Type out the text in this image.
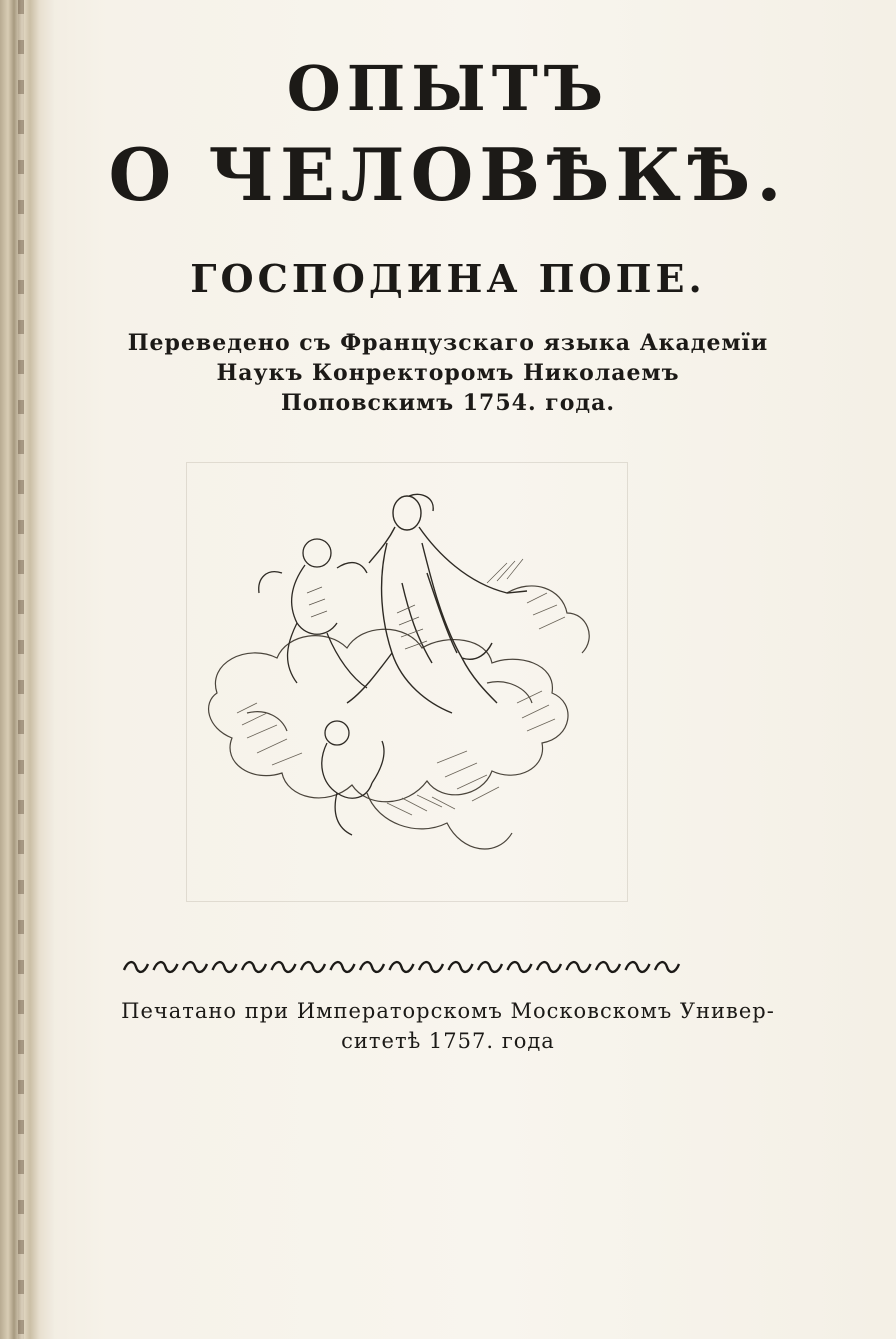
ОПЫТЪ
О ЧЕЛОВѢКѢ.
ГОСПОДИНА ПОПЕ.
Переведено съ Французскаго языка Академїи
Наукъ Конректоромъ Николаемъ
Поповскимъ 1754. года.
Печатано при Императорскомъ Московскомъ Универ-
ситетѣ 1757. года
